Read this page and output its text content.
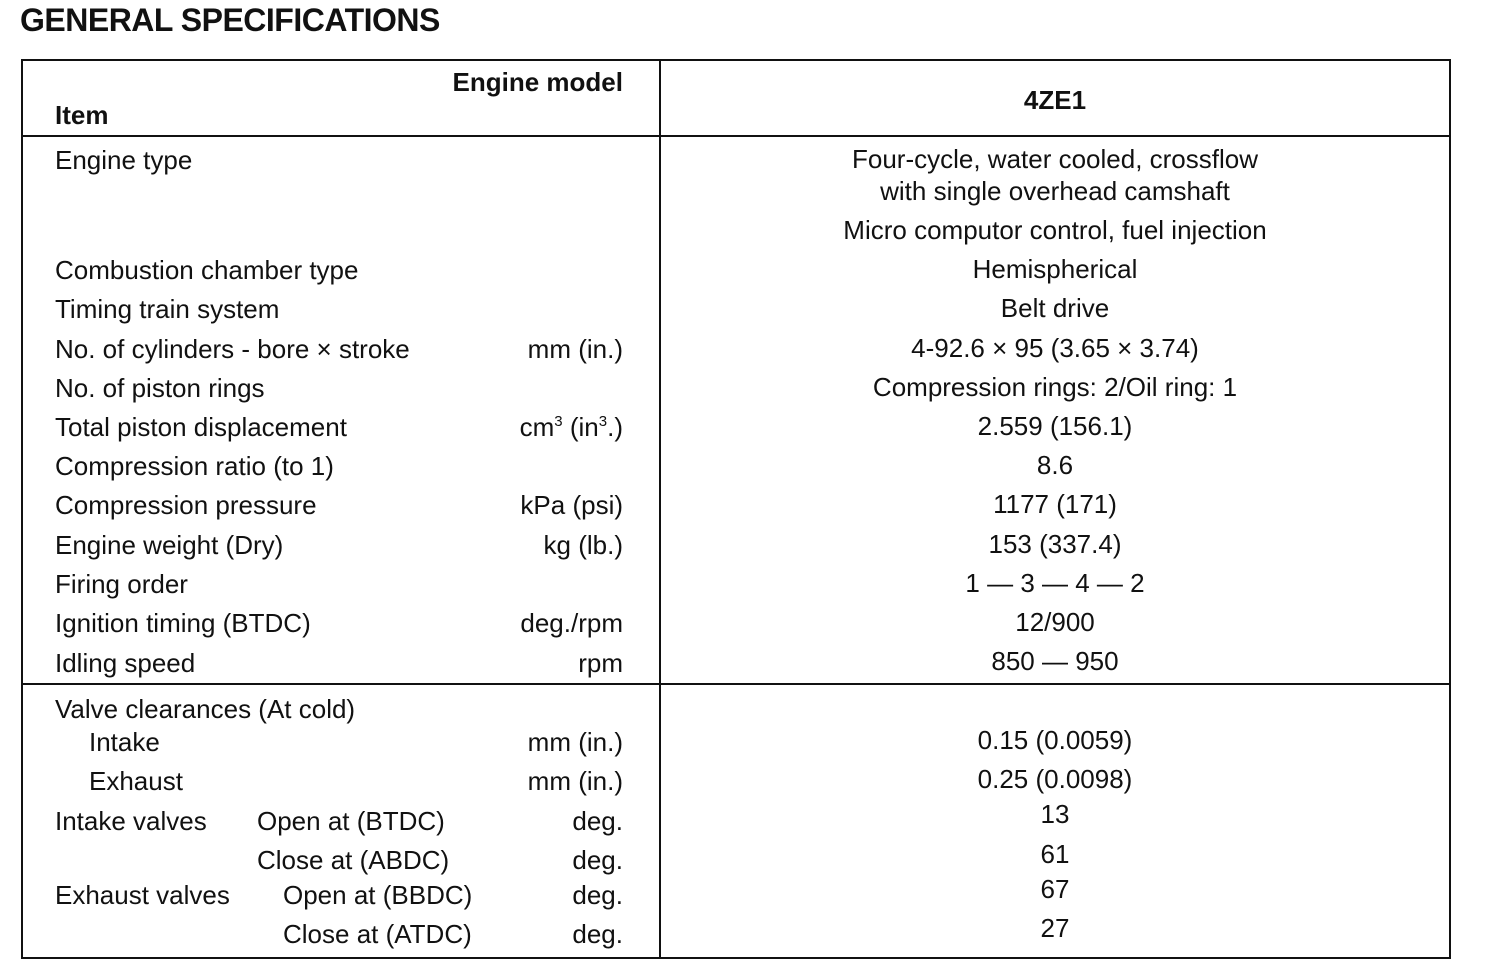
GENERAL SPECIFICATIONS
Engine model
Item	4ZE1
Engine type	Four-cycle, water cooled, crossflow
with single overhead camshaft
Micro computor control, fuel injection
Combustion chamber type	Hemispherical
Timing train system	Belt drive
No. of cylinders - bore × stroke	mm (in.)	4-92.6 × 95 (3.65 × 3.74)
No. of piston rings	Compression rings: 2/Oil ring: 1
Total piston displacement	$cm^3$ $(in^3.)$	2.559 (156.1)
Compression ratio (to 1)	8.6
Compression pressure	kPa (psi)	1177 (171)
Engine weight (Dry)	kg (lb.)	153 (337.4)
Firing order	1 — 3 — 4 — 2
Ignition timing (BTDC)	deg./rpm	12/900
Idling speed	rpm	850 — 950
Valve clearances (At cold)
Intake	mm (in.)	0.15 (0.0059)
Exhaust	mm (in.)	0.25 (0.0098)
Intake valves Open at (BTDC)	deg.	13
Close at (ABDC)	deg.	61
Exhaust valves Open at (BBDC)	deg.	67
Close at (ATDC)	deg.	27
